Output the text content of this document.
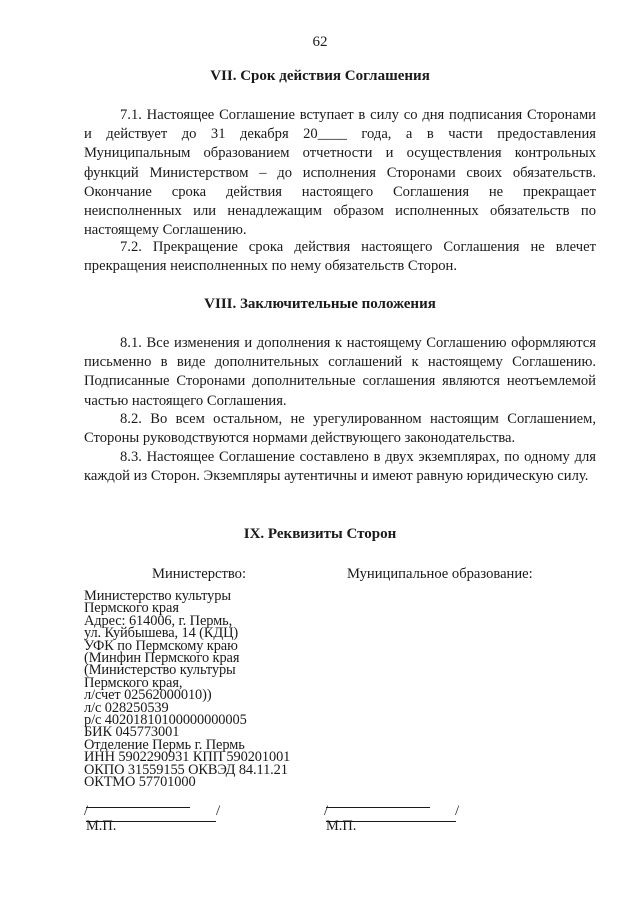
62
VII. Срок действия Соглашения

7.1. Настоящее Соглашение вступает в силу со дня подписания Сторонами и действует до 31 декабря 20____ года, а в части предоставления Муниципальным образованием отчетности и осуществления контрольных функций Министерством – до исполнения Сторонами своих обязательств. Окончание срока действия настоящего Соглашения не прекращает неисполненных или ненадлежащим образом исполненных обязательств по настоящему Соглашению.

7.2. Прекращение срока действия настоящего Соглашения не влечет прекращения неисполненных по нему обязательств Сторон.

VIII. Заключительные положения

8.1. Все изменения и дополнения к настоящему Соглашению оформляются письменно в виде дополнительных соглашений к настоящему Соглашению. Подписанные Сторонами дополнительные соглашения являются неотъемлемой частью настоящего Соглашения.

8.2. Во всем остальном, не урегулированном настоящим Соглашением, Стороны руководствуются нормами действующего законодательства.

8.3. Настоящее Соглашение составлено в двух экземплярах, по одному для каждой из Сторон. Экземпляры аутентичны и имеют равную юридическую силу.

IX. Реквизиты Сторон
Министерство:	Муниципальное образование:
Министерство культуры
Пермского края
Адрес: 614006, г. Пермь,
ул. Куйбышева, 14 (КДЦ)
УФК по Пермскому краю
(Минфин Пермского края
(Министерство культуры
Пермского края,
л/счет 02562000010))
л/с 028250539
р/с 40201810100000000005
БИК 045773001
Отделение Пермь г. Пермь
ИНН 5902290931 КПП 590201001
ОКПО 31559155 ОКВЭД 84.11.21
ОКТМО 57701000
/	/
М.П.
/	/
М.П.
